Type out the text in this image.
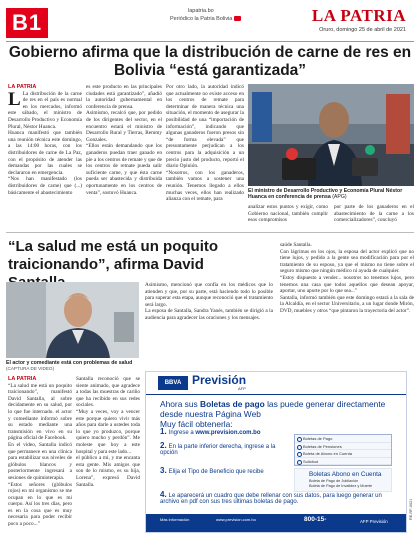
B1	lapatria.bo
Periódico la Patria Bolivia	LA PATRIA
Oruro, domingo 25 de abril de 2021
Gobierno afirma que la distribución de carne de res en Bolivia “está garantizada”
LA PATRIA

L La distribución de la carne de res en el país es normal en los mercados, informó este sábado, el ministro de Desarrollo Productivo y Economía Plural, Néstor Huanca.

Huanca manifestó que también una reunión técnica este domingo, a las 14:00 horas, con los distribuidores de carne de La Paz, con el propósito de atender las demandas por las cuales se declararon en emergencia.

“Nos han manifestado (los distribuidores de carne) que (...) básicamente el abastecimiento

es este producto en las principales ciudades está garantizado”, añadió la autoridad gubernamental en conferencia de prensa.

Asimismo, recalcó que, por pedido de los dirigentes del sector, en el encuentro estará el ministro de Desarrollo Rural y Tierras, Remmy Gonzales.

“Ellos están demandando que los ganaderos puedan traer ganado en pie a los centros de remate y que de los centros de remate pueda salir suficiente carne, y que ésta carne pueda ser abastecida y distribuida oportunamente en los centros de venta”, sostuvó Huanca.

Por otro lado, la autoridad indicó que actualmente no existe acceso en los centros de remate para determinar de manera técnica una situación, el momento de asegurar la posibilidad de una “importación de información”, indicando que algunas ganaderos fueron presos sin “de forma elevada” que presuntamente perjudican a los centros para la adquisición a un precio justo del producto, reportó el diario Opinión.

“Nosotros, con los ganaderos, también vamos a sostener una reunión. Tenemos llegado a ellos muchas veces, ellos han realizado alianza con el remate, para

El ministro de Desarrollo Productivo y Economía Plural Néstor Huanca en conferencia de prensa (APG)
analizar estos puntos y exigir, como Gobierno nacional, también cumplir esos compromisos
por parte de los ganaderos en el abastecimiento de la carne a los comercializadores”, concluyó
“La salud me está un poquito traicionando”, afirma David
El actor y comediante está con problemas de salud
(CAPTURA DE VIDEO)
LA PATRIA

“La salud me está un poquito traicionando”, manifestó David Santalla, al sobre decidamente en su salud, por lo que fue internado. el actor y comediante informó sobre su estado mediante una transmisión en vivo en su página oficial de Facebook.

En el video, Santalla indicó que permanece en una clínica para estabilizar sus niveles de glóbulos blancos y posteriormente ingresará a sesiones de quimioterapia.

“Estos señores (glóbulos rojos) en mi organismo se me ocupan en lo que es mi cuerpo. Así los tres días, pero es en la cosa que es muy necesaria para poder recibir poco a poco...”

Santalla reconoció que se siente animado, que agradece a todas las muestras de cariño que ha recibido en sus redes sociales.

“Muy a veces, voy a vencer este porque quiero vivir más años para darle a ustedes toda lo que yo produzco, porque quiero mucho y perdón”. Me moleste que hoy a este hospital y para este lado...

el público a mi, y me encanta esta gente. Mis amigos que son de lo mismo, es su hija, Lorena”, expresó David Santalla.

Asimismo, mencionó que confía en los médicos que lo atienden y que, por su parte, está haciendo todo lo posible para superar esta etapa, aunque reconoció que el tratamiento será largo.

La esposa de Santalla, Sandra Yanés, también se dirigió a la audiencia para agradecer las oraciones y los mensajes.

saúde Santalla.

Con lágrimas en los ojos, la esposa del actor explicó que no tiene lujos, y pedido a la gente sea modificación para por el tratamiento de su esposo, ya que el mismo no tiene sobre el seguro mismo que ningún médico ni ayuda de cualquier.

“Estoy dispuesto a vender... nosotros no tenemos lujos, pero tenemos una casa que todos aquellos que desean apoyar, aportar, uno aporte por lo que sea...”

Santalla, informó también que este domingo estará a la sala de la Alcaldía, en el sector Universitario, a un lugar donde Mirón, DVD, muebles y otros “que pintaron la trayectoria del actor”.

BBVA Previsión
AFP
Ahora sus Boletas de pago las puede generar directamente desde nuestra Página Web
Muy fácil obtenerla:
1. Ingrese a www.prevision.com.bo
2. En la parte inferior derecha, ingrese a la opción
3. Elija el Tipo de Beneficio que recibe
4. Le aparecerá un cuadro que debe rellenar con sus datos, para luego generar un archivo en pdf con sus tres últimas boletas de pago.
Boletas de Pago
Boletas de Pensiones
Boleta de Abono en Cuenta
Solicitud
Boletas Abono en Cuenta
Boleta de Pago de Jubilación
Boleta de Pago de Invalidez y Muerte
Más información	www.prevision.com.bo	800-15-	AFP Previsión
RE-RF-0021
